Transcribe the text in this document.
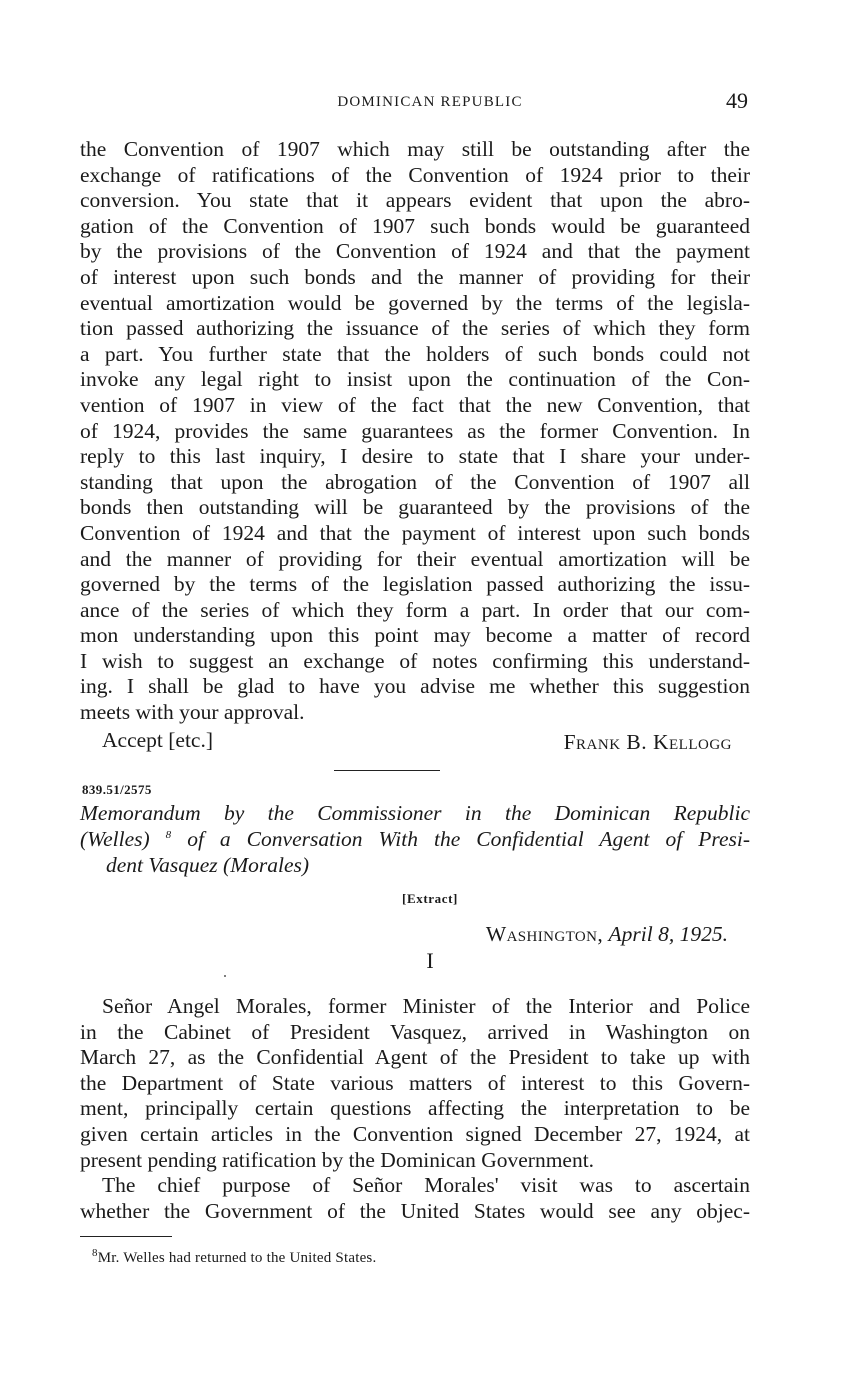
DOMINICAN REPUBLIC	49

the Convention of 1907 which may still be outstanding after the
exchange of ratifications of the Convention of 1924 prior to their
conversion. You state that it appears evident that upon the abro-
gation of the Convention of 1907 such bonds would be guaranteed
by the provisions of the Convention of 1924 and that the payment
of interest upon such bonds and the manner of providing for their
eventual amortization would be governed by the terms of the legisla-
tion passed authorizing the issuance of the series of which they form
a part. You further state that the holders of such bonds could not
invoke any legal right to insist upon the continuation of the Con-
vention of 1907 in view of the fact that the new Convention, that
of 1924, provides the same guarantees as the former Convention. In
reply to this last inquiry, I desire to state that I share your under-
standing that upon the abrogation of the Convention of 1907 all
bonds then outstanding will be guaranteed by the provisions of the
Convention of 1924 and that the payment of interest upon such bonds
and the manner of providing for their eventual amortization will be
governed by the terms of the legislation passed authorizing the issu-
ance of the series of which they form a part. In order that our com-
mon understanding upon this point may become a matter of record
I wish to suggest an exchange of notes confirming this understand-
ing. I shall be glad to have you advise me whether this suggestion
meets with your approval.

Accept [etc.]	Frank B. Kellogg
839.51/2575
Memorandum by the Commissioner in the Dominican Republic
(Welles) $^8$ of a Conversation With the Confidential Agent of Presi-
dent Vasquez (Morales)
[Extract]
Washington, April 8, 1925.
I

Señor Angel Morales, former Minister of the Interior and Police
in the Cabinet of President Vasquez, arrived in Washington on
March 27, as the Confidential Agent of the President to take up with
the Department of State various matters of interest to this Govern-
ment, principally certain questions affecting the interpretation to be
given certain articles in the Convention signed December 27, 1924, at
present pending ratification by the Dominican Government.

The chief purpose of Señor Morales' visit was to ascertain
whether the Government of the United States would see any objec-

$^8$Mr. Welles had returned to the United States.
